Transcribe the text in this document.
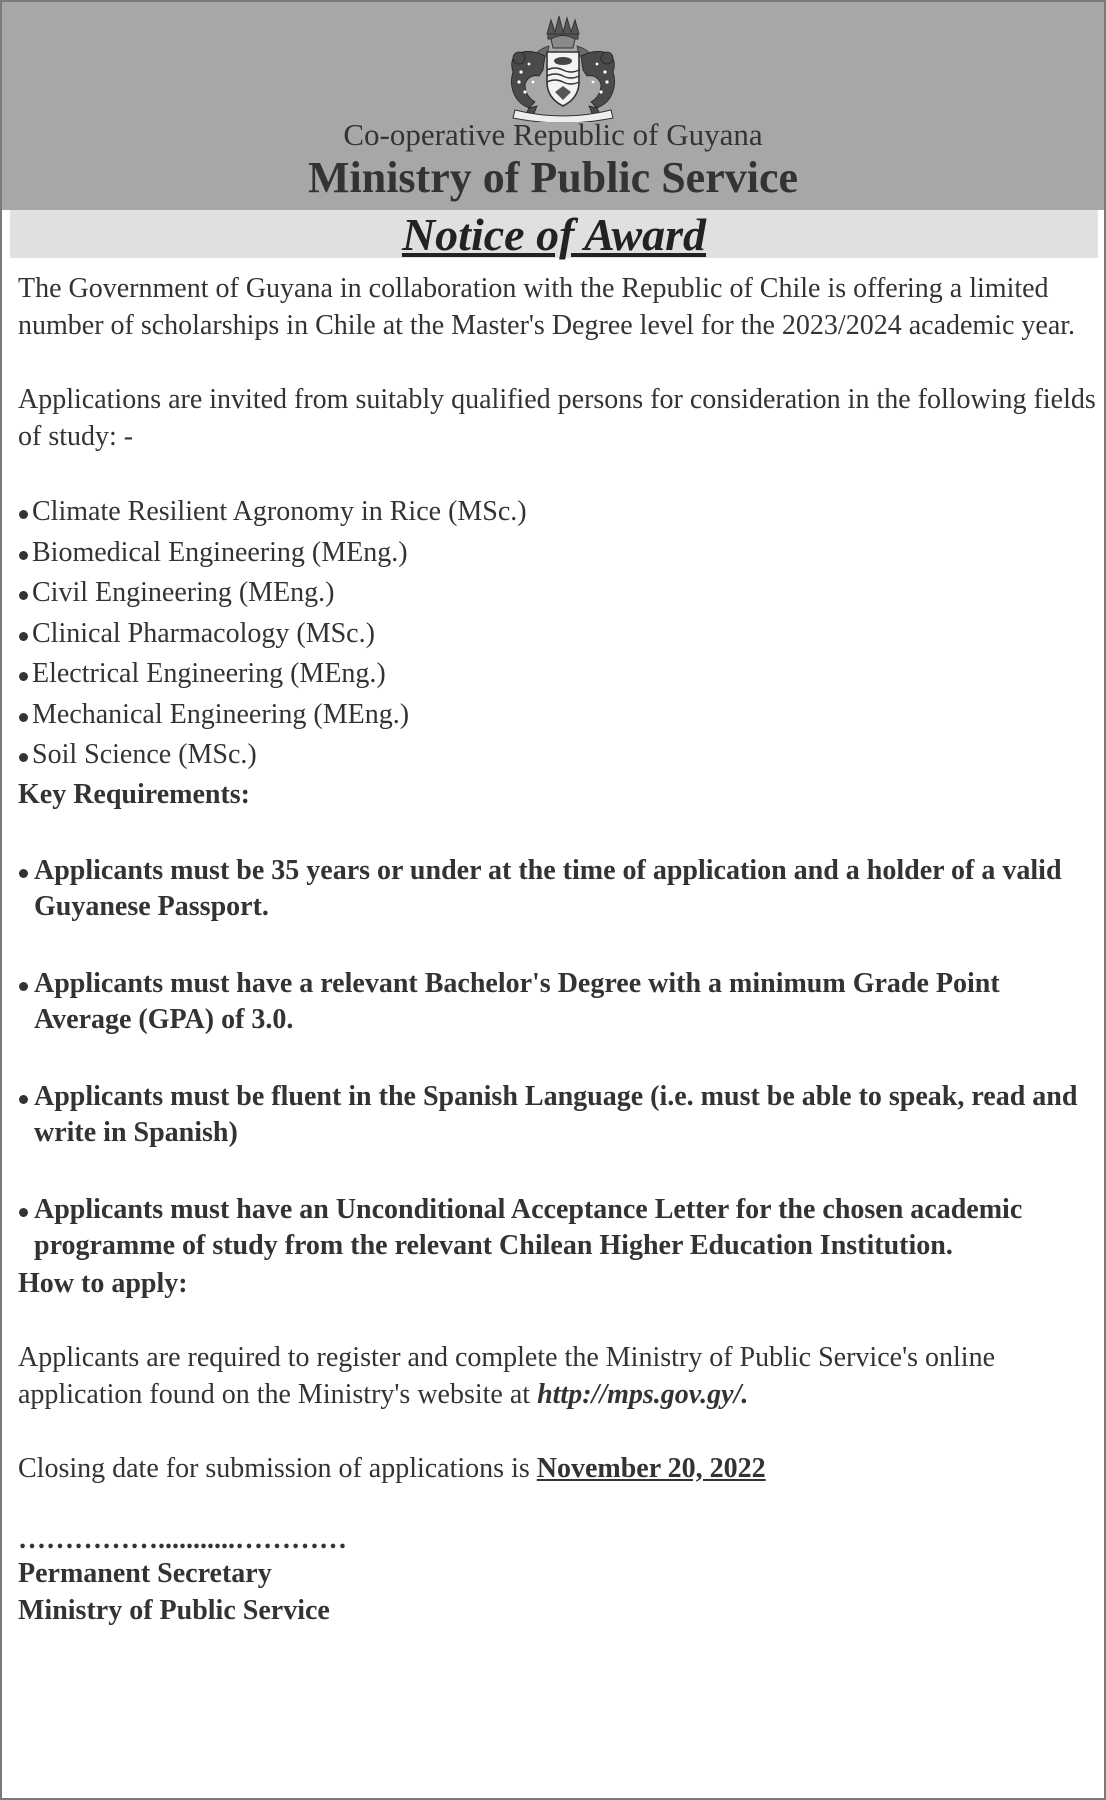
Co-operative Republic of Guyana
Ministry of Public Service
Notice of Award

The Government of Guyana in collaboration with the Republic of Chile is offering a limited number of scholarships in Chile at the Master's Degree level for the 2023/2024 academic year.

Applications are invited from suitably qualified persons for consideration in the following fields of study: -

Climate Resilient Agronomy in Rice (MSc.)
Biomedical Engineering (MEng.)
Civil Engineering (MEng.)
Clinical Pharmacology (MSc.)
Electrical Engineering (MEng.)
Mechanical Engineering (MEng.)
Soil Science (MSc.)

Key Requirements:

Applicants must be 35 years or under at the time of application and a holder of a valid Guyanese Passport.
Applicants must have a relevant Bachelor's Degree with a minimum Grade Point Average (GPA) of 3.0.
Applicants must be fluent in the Spanish Language (i.e. must be able to speak, read and write in Spanish)
Applicants must have an Unconditional Acceptance Letter for the chosen academic programme of study from the relevant Chilean Higher Education Institution.

How to apply:

Applicants are required to register and complete the Ministry of Public Service's online application found on the Ministry's website at http://mps.gov.gy/.

Closing date for submission of applications is November 20, 2022

……………...........…………

Permanent Secretary

Ministry of Public Service
